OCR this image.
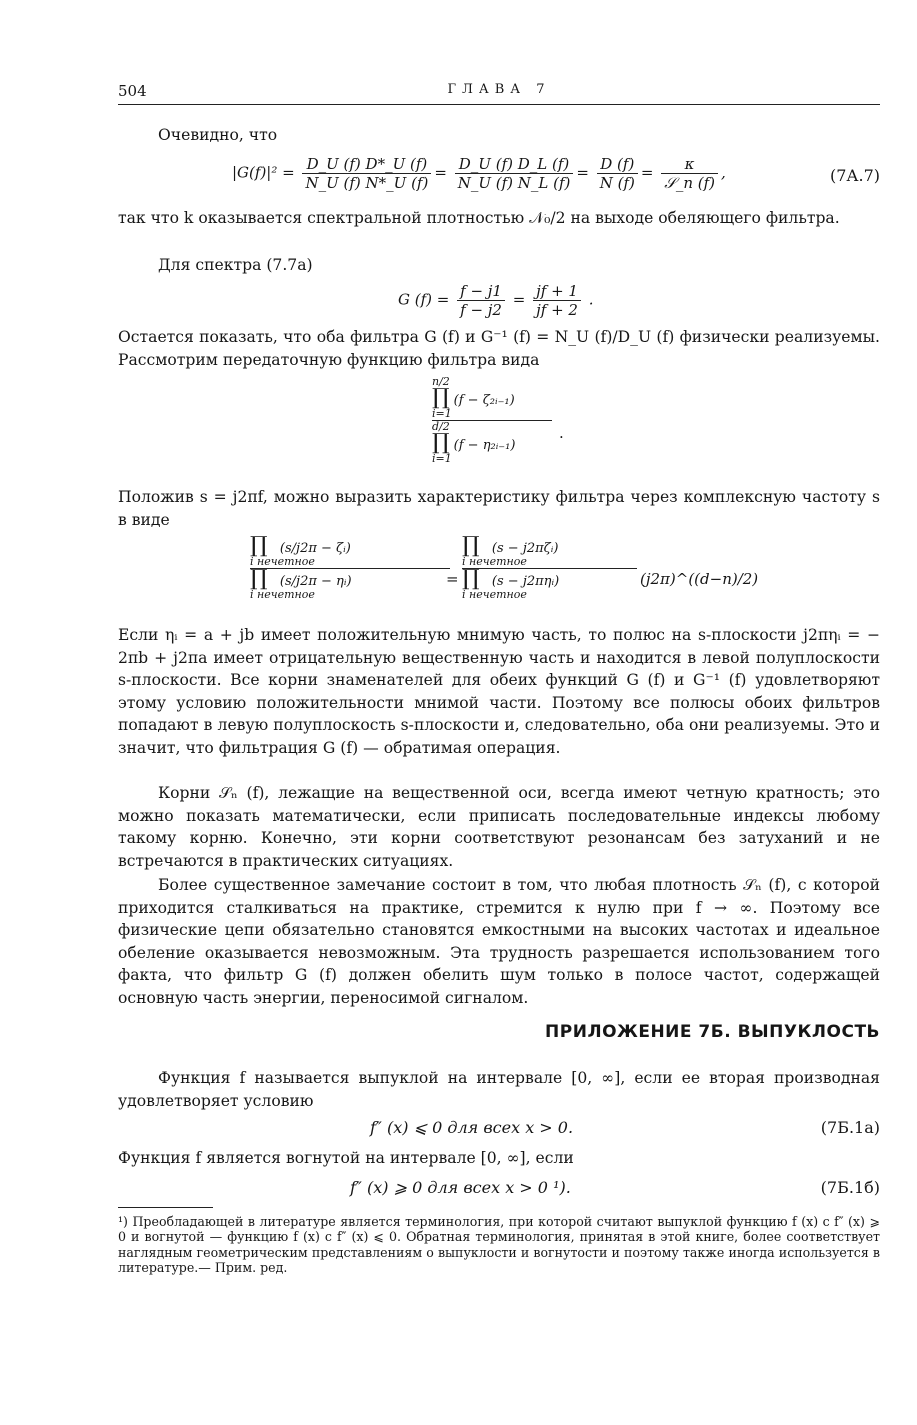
504	ГЛАВА 7
Очевидно, что
$|G(f)|^2 = \frac{D\_U (f) D*\_U (f)}{N\_U (f) N*\_U (f)} = \frac{D\_U (f) D\_L (f)}{N\_U (f) N\_L (f)} = \frac{D (f)}{N (f)} = \frac{\kappa}{\text{𝒮\_n (f)}}$ ,	(7А.7)
так что k оказывается спектральной плотностью 𝒩₀/2 на выходе обеляющего фильтра.
Для спектра (7.7а)
G $(f) = \frac{f - j1}{f - j2} = \frac{jf + 1}{jf + 2}$ .
Остается показать, что оба фильтра G (f) и G⁻¹ (f) = N_U (f)/D_U (f) физически реализуемы. Рассмотрим передаточную функцию фильтра вида
n/2
∏ (f − ζ₂ᵢ₋₁)
i=1
d/2
∏ (f − η₂ᵢ₋₁)
i=1
.
Положив s = j2πf, можно выразить характеристику фильтра через комплексную частоту s в виде
∏ (s/j2π − ζᵢ)
i нечетное
∏ (s/j2π − ηᵢ)
i нечетное
=
∏ (s − j2πζᵢ)
i нечетное
∏ (s − j2πηᵢ)
i нечетное
(j2π)^((d−n)/2)
Если ηᵢ = a + jb имеет положительную мнимую часть, то полюс на s-плоскости j2πηᵢ = − 2πb + j2πa имеет отрицательную вещественную часть и находится в левой полуплоскости s-плоскости. Все корни знаменателей для обеих функций G (f) и G⁻¹ (f) удовлетворяют этому условию положительности мнимой части. Поэтому все полюсы обоих фильтров попадают в левую полуплоскость s-плоскости и, следовательно, оба они реализуемы. Это и значит, что фильтрация G (f) — обратимая операция.
Корни 𝒮ₙ (f), лежащие на вещественной оси, всегда имеют четную кратность; это можно показать математически, если приписать последовательные индексы любому такому корню. Конечно, эти корни соответствуют резонансам без затуханий и не встречаются в практических ситуациях.
Более существенное замечание состоит в том, что любая плотность 𝒮ₙ (f), с которой приходится сталкиваться на практике, стремится к нулю при f → ∞. Поэтому все физические цепи обязательно становятся емкостными на высоких частотах и идеальное обеление оказывается невозможным. Эта трудность разрешается использованием того факта, что фильтр G (f) должен обелить шум только в полосе частот, содержащей основную часть энергии, переносимой сигналом.
ПРИЛОЖЕНИЕ 7Б. ВЫПУКЛОСТЬ
Функция f называется выпуклой на интервале [0, ∞], если ее вторая производная удовлетворяет условию
f″ (x) ⩽ 0 для всех x > 0.	(7Б.1а)
Функция f является вогнутой на интервале [0, ∞], если
f″ (x) ⩾ 0 для всех x > 0 ¹).	(7Б.1б)
¹) Преобладающей в литературе является терминология, при которой считают выпуклой функцию f (x) с f″ (x) ⩾ 0 и вогнутой — функцию f (x) с f″ (x) ⩽ 0. Обратная терминология, принятая в этой книге, более соответствует наглядным геометрическим представлениям о выпуклости и вогнутости и поэтому также иногда используется в литературе.— Прим. ред.
